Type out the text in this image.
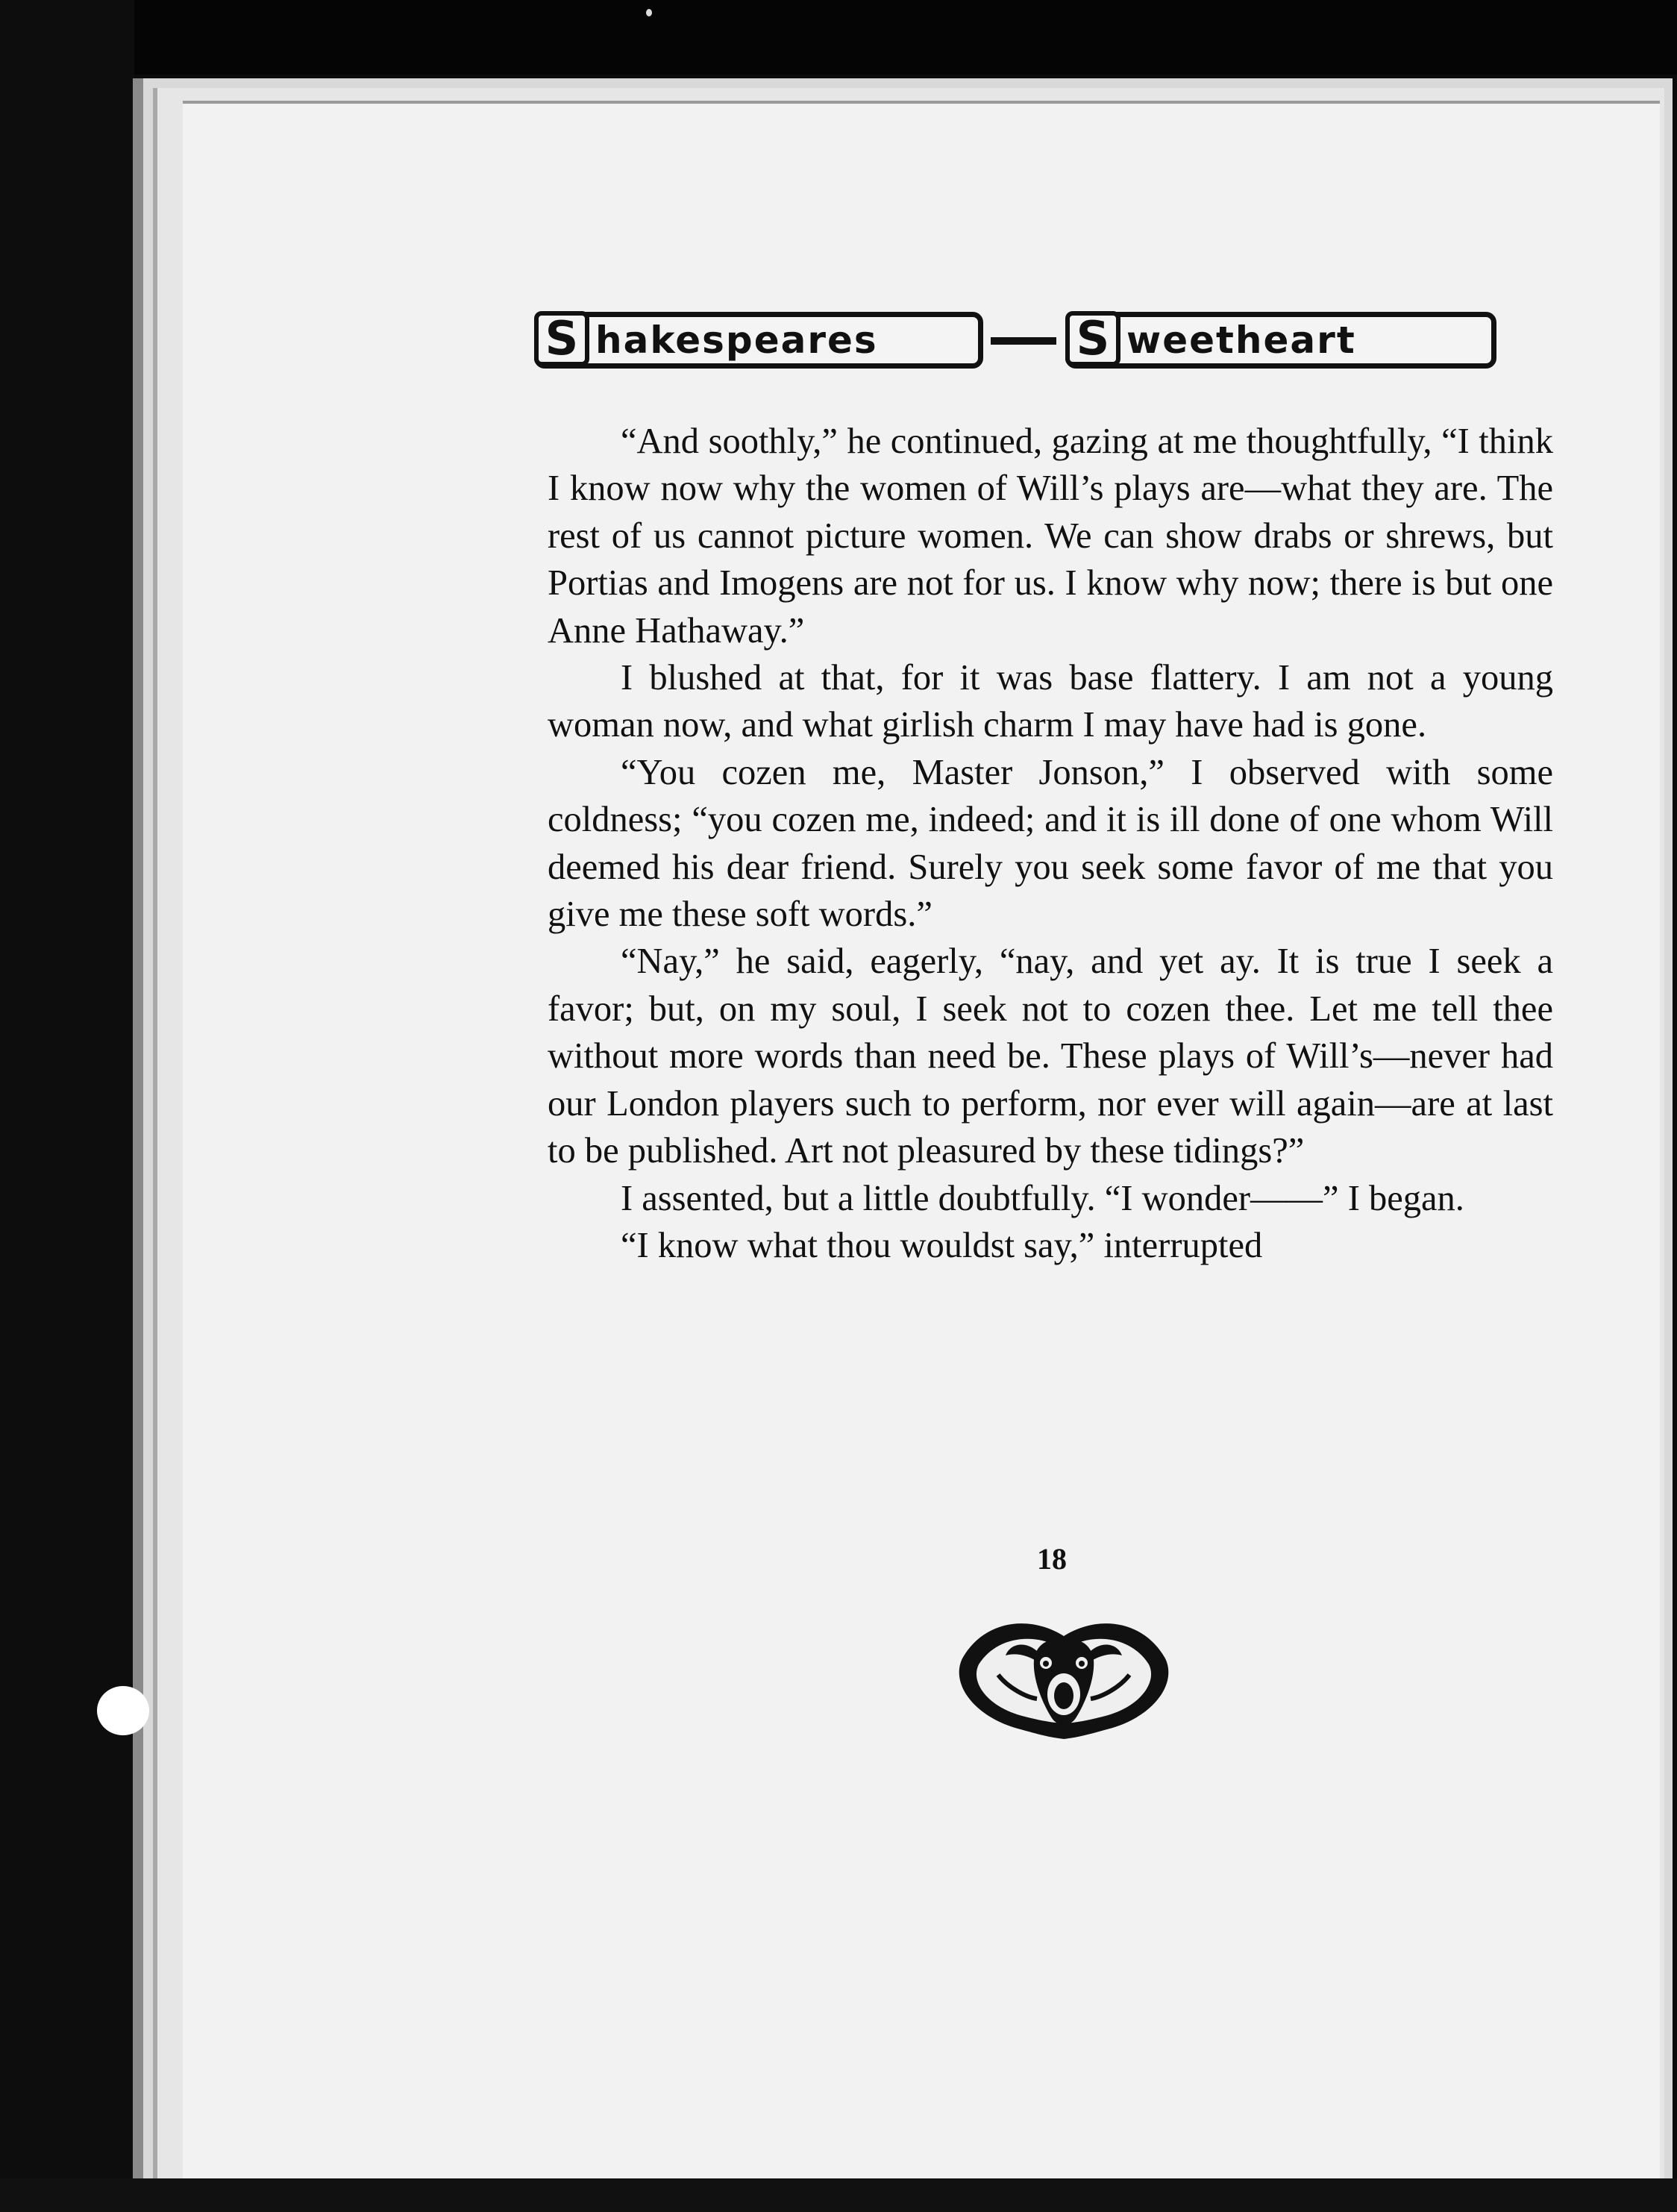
S hakespeares	S weetheart

“And soothly,” he continued, gazing at me thoughtfully, “I think I know now why the women of Will’s plays are—what they are. The rest of us cannot picture women. We can show drabs or shrews, but Portias and Imogens are not for us. I know why now; there is but one Anne Hathaway.”

I blushed at that, for it was base flattery. I am not a young woman now, and what girlish charm I may have had is gone.

“You cozen me, Master Jonson,” I observed with some coldness; “you cozen me, indeed; and it is ill done of one whom Will deemed his dear friend. Surely you seek some favor of me that you give me these soft words.”

“Nay,” he said, eagerly, “nay, and yet ay. It is true I seek a favor; but, on my soul, I seek not to cozen thee. Let me tell thee without more words than need be. These plays of Will’s—never had our London players such to perform, nor ever will again—are at last to be published. Art not pleasured by these tidings?”

I assented, but a little doubtfully. “I wonder——” I began.

“I know what thou wouldst say,” interrupted

18
